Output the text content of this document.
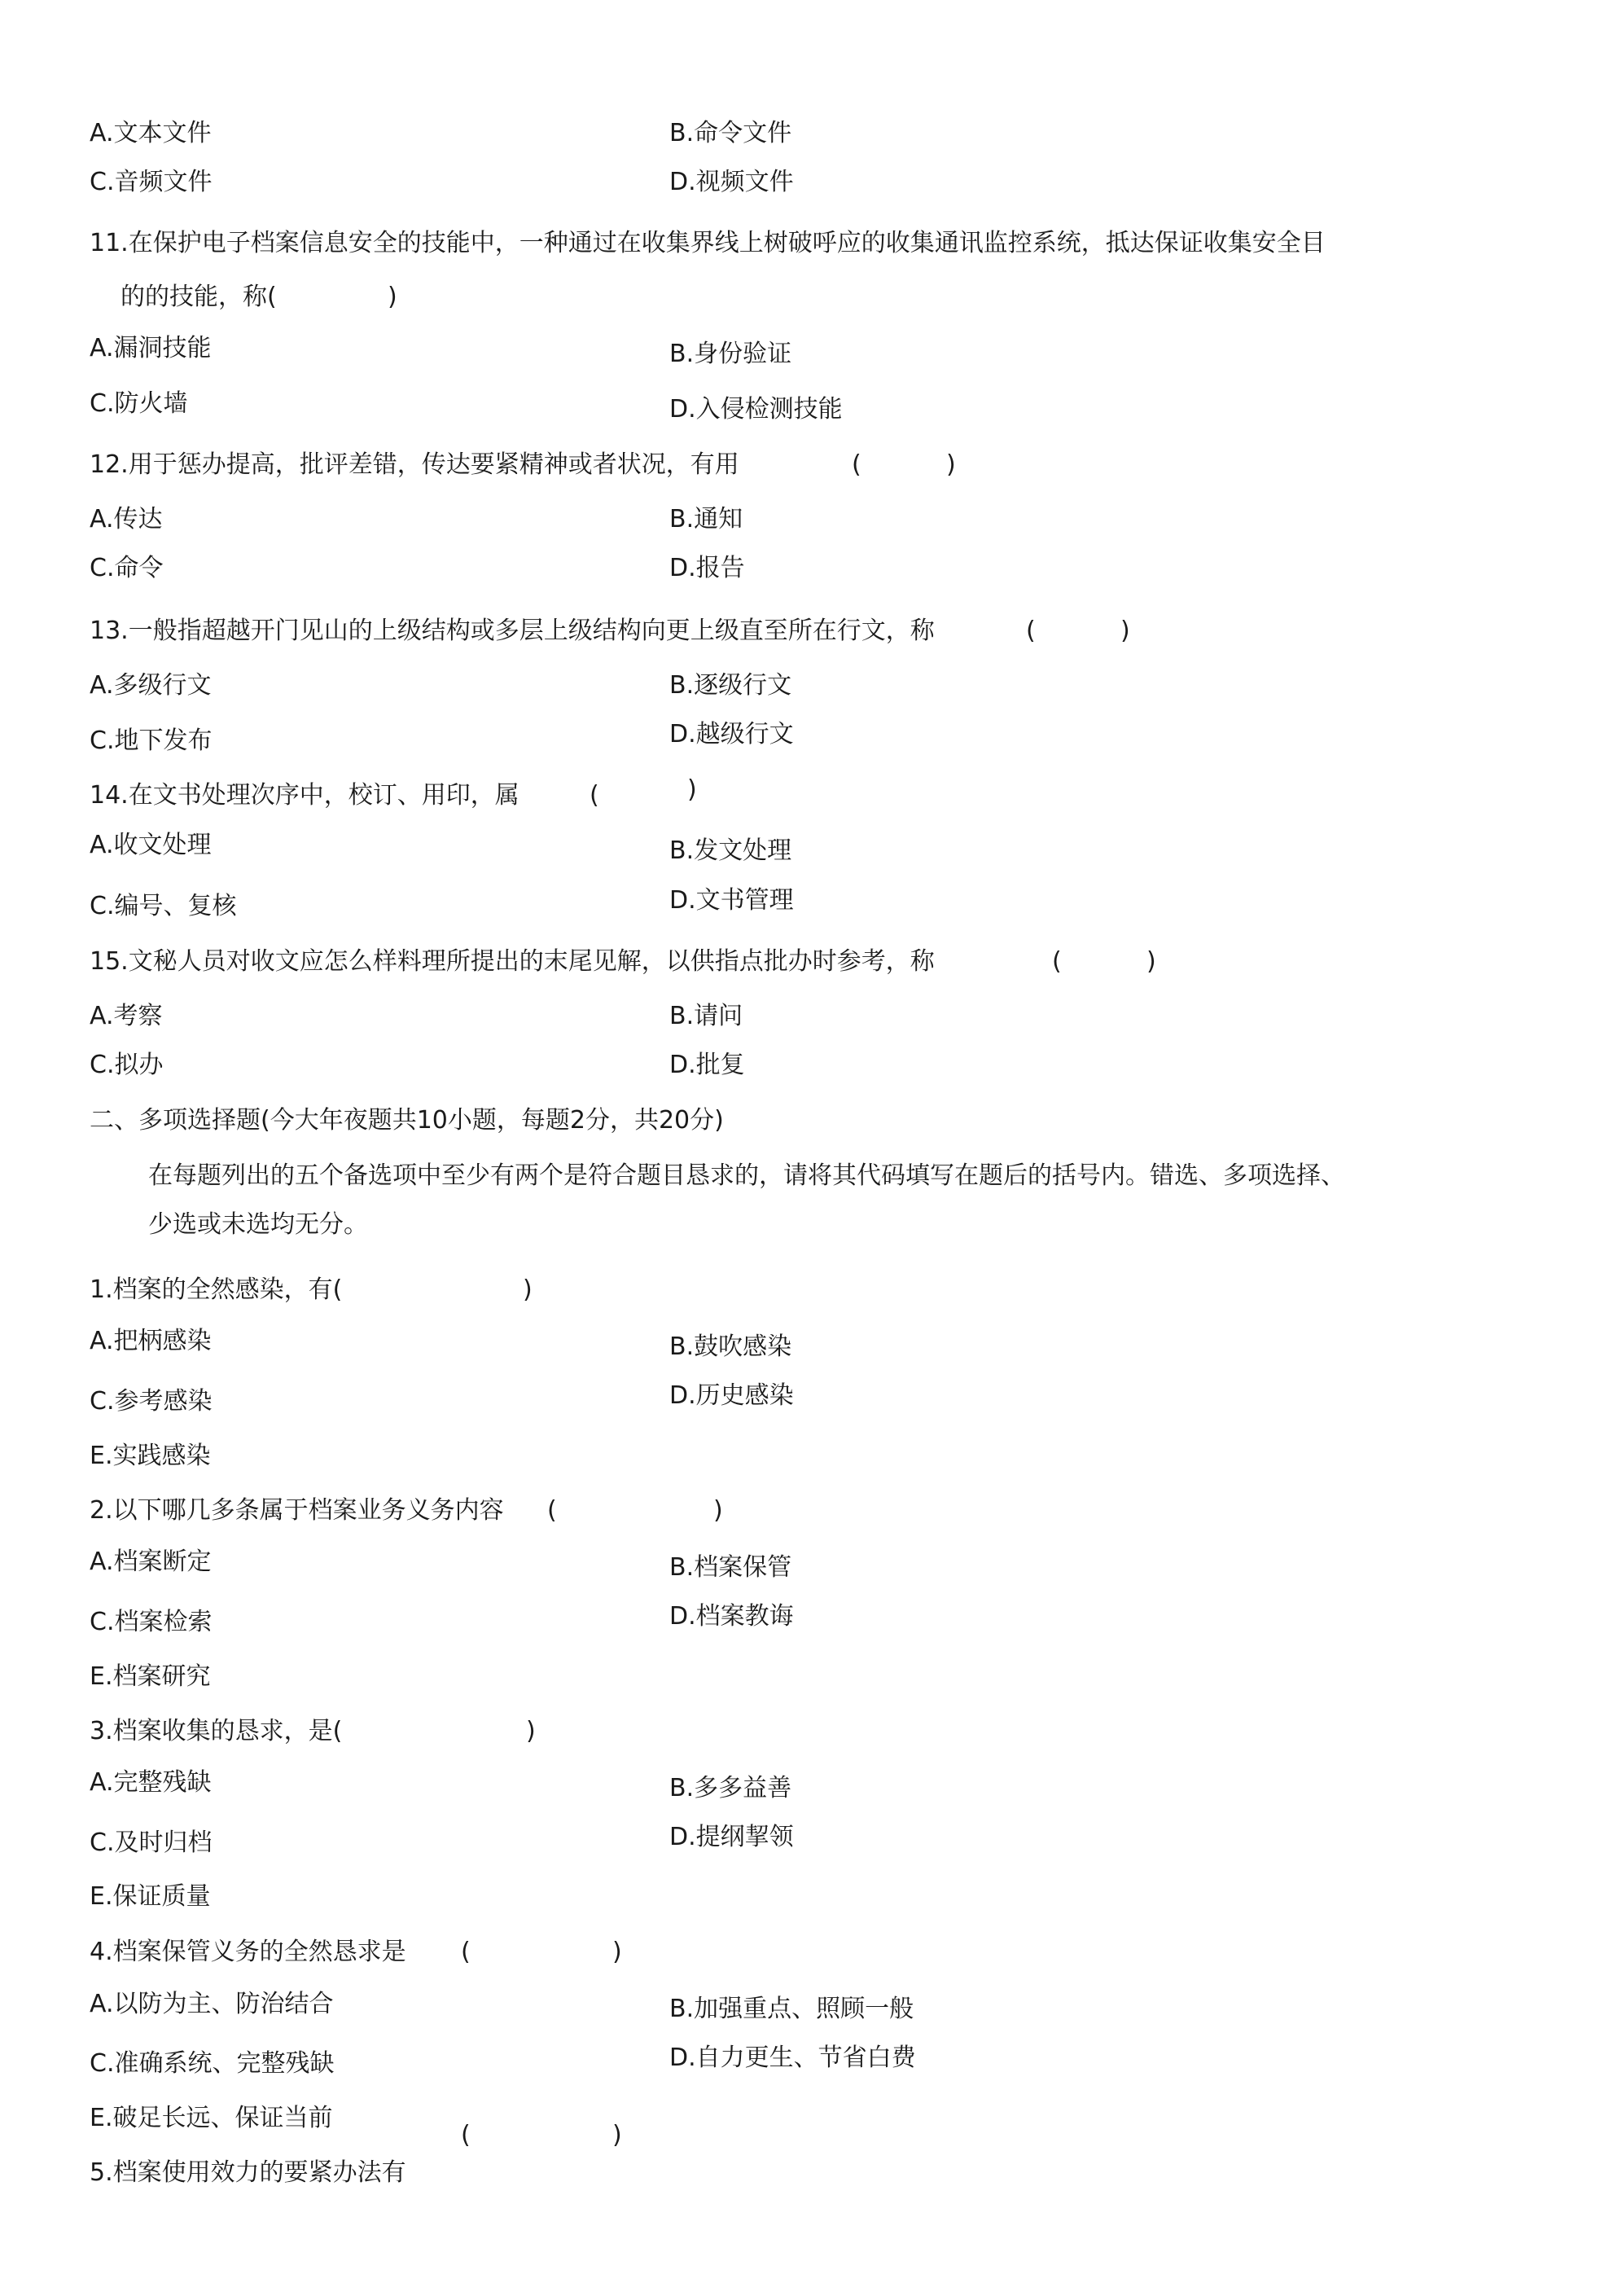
A.文本文件	B.命令文件
C.音频文件	D.视频文件
11.在保护电子档案信息安全的技能中，一种通过在收集界线上树破呼应的收集通讯监控系统，抵达保证收集安全目
的的技能，称(	)
A.漏洞技能	B.身份验证
C.防火墙	D.入侵检测技能
12.用于惩办提高，批评差错，传达要紧精神或者状况，有用	(	)
A.传达	B.通知
C.命令	D.报告
13.一般指超越开门见山的上级结构或多层上级结构向更上级直至所在行文，称	(	)
A.多级行文	B.逐级行文
C.地下发布	D.越级行文
14.在文书处理次序中，校订、用印，属	(	)
A.收文处理	B.发文处理
C.编号、复核	D.文书管理
15.文秘人员对收文应怎么样料理所提出的末尾见解，以供指点批办时参考，称	(	)
A.考察	B.请问
C.拟办	D.批复
二、多项选择题(今大年夜题共10小题，每题2分，共20分)
在每题列出的五个备选项中至少有两个是符合题目恳求的，请将其代码填写在题后的括号内。错选、多项选择、
少选或未选均无分。
1.档案的全然感染，有(	)
A.把柄感染	B.鼓吹感染
C.参考感染	D.历史感染
E.实践感染
2.以下哪几多条属于档案业务义务内容 (	)
A.档案断定	B.档案保管
C.档案检索	D.档案教诲
E.档案研究
3.档案收集的恳求，是(	)
A.完整残缺	B.多多益善
C.及时归档	D.提纲挈领
E.保证质量
4.档案保管义务的全然恳求是 (	)
A.以防为主、防治结合	B.加强重点、照顾一般
C.准确系统、完整残缺	D.自力更生、节省白费
E.破足长远、保证当前
(	)
5.档案使用效力的要紧办法有
